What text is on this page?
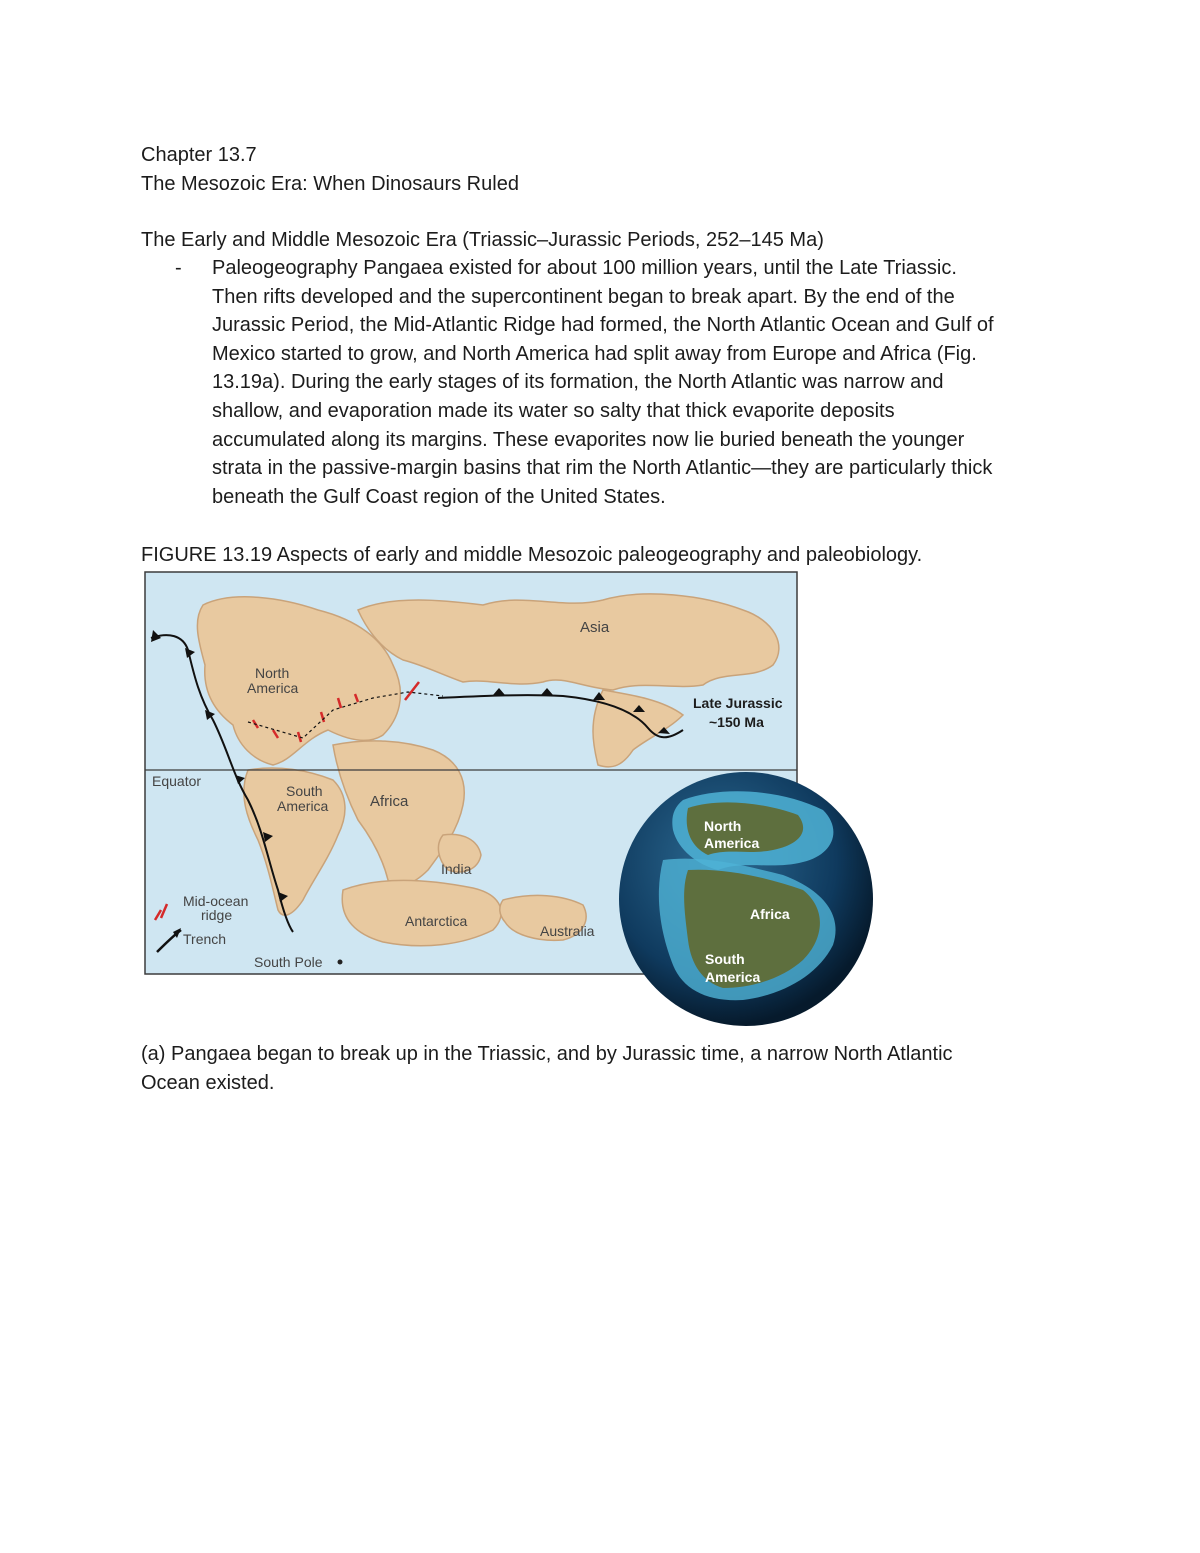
Chapter 13.7
The Mesozoic Era: When Dinosaurs Ruled
The Early and Middle Mesozoic Era (Triassic–Jurassic Periods, 252–145 Ma)
- Paleogeography Pangaea existed for about 100 million years, until the Late Triassic.
Then rifts developed and the supercontinent began to break apart. By the end of the
Jurassic Period, the Mid-Atlantic Ridge had formed, the North Atlantic Ocean and Gulf of
Mexico started to grow, and North America had split away from Europe and Africa (Fig.
13.19a). During the early stages of its formation, the North Atlantic was narrow and
shallow, and evaporation made its water so salty that thick evaporite deposits
accumulated along its margins. These evaporites now lie buried beneath the younger
strata in the passive-margin basins that rim the North Atlantic—they are particularly thick
beneath the Gulf Coast region of the United States.
FIGURE 13.19 Aspects of early and middle Mesozoic paleogeography and paleobiology.
Asia
North
America
Equator
South
America	Africa
India
Antarctica
Australia
South Pole
Late Jurassic
~150 Ma
Mid-ocean
ridge
Trench
North
America
Africa
South
America
(a) Pangaea began to break up in the Triassic, and by Jurassic time, a narrow North Atlantic
Ocean existed.
